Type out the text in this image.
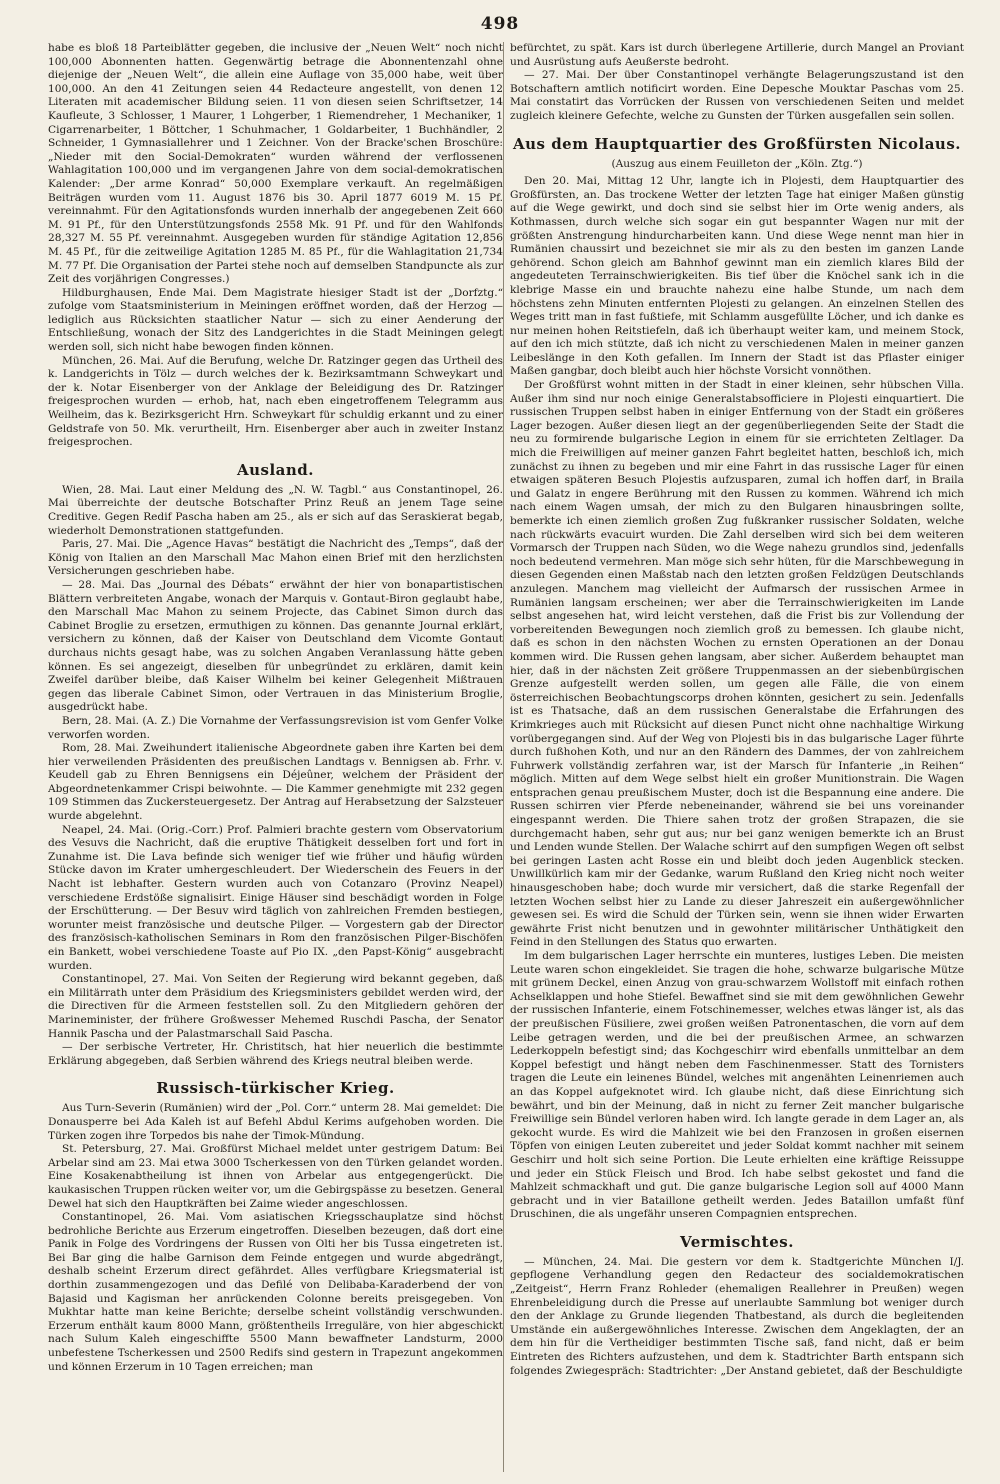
498

habe es bloß 18 Parteiblätter gegeben, die inclusive der „Neuen Welt“ noch nicht 100,000 Abonnenten hatten. Gegenwärtig betrage die Abonnentenzahl ohne diejenige der „Neuen Welt“, die allein eine Auflage von 35,000 habe, weit über 100,000. An den 41 Zeitungen seien 44 Redacteure angestellt, von denen 12 Literaten mit academischer Bildung seien. 11 von diesen seien Schriftsetzer, 14 Kaufleute, 3 Schlosser, 1 Maurer, 1 Lohgerber, 1 Riemendreher, 1 Mechaniker, 1 Cigarrenarbeiter, 1 Böttcher, 1 Schuhmacher, 1 Goldarbeiter, 1 Buchhändler, 2 Schneider, 1 Gymnasiallehrer und 1 Zeichner. Von der Bracke'schen Broschüre: „Nieder mit den Social-Demokraten“ wurden während der verflossenen Wahlagitation 100,000 und im vergangenen Jahre von dem social-demokratischen Kalender: „Der arme Konrad“ 50,000 Exemplare verkauft. An regelmäßigen Beiträgen wurden vom 11. August 1876 bis 30. April 1877 6019 M. 15 Pf. vereinnahmt. Für den Agitationsfonds wurden innerhalb der angegebenen Zeit 660 M. 91 Pf., für den Unterstützungsfonds 2558 Mk. 91 Pf. und für den Wahlfonds 28,327 M. 55 Pf. vereinnahmt. Ausgegeben wurden für ständige Agitation 12,856 M. 45 Pf., für die zeitweilige Agitation 1285 M. 85 Pf., für die Wahlagitation 21,734 M. 77 Pf. Die Organisation der Partei stehe noch auf demselben Standpuncte als zur Zeit des vorjährigen Congresses.)

Hildburghausen, Ende Mai. Dem Magistrate hiesiger Stadt ist der „Dorfztg.“ zufolge vom Staatsministerium in Meiningen eröffnet worden, daß der Herzog — lediglich aus Rücksichten staatlicher Natur — sich zu einer Aenderung der Entschließung, wonach der Sitz des Landgerichtes in die Stadt Meiningen gelegt werden soll, sich nicht habe bewogen finden können.

München, 26. Mai. Auf die Berufung, welche Dr. Ratzinger gegen das Urtheil des k. Landgerichts in Tölz — durch welches der k. Bezirksamtmann Schweykart und der k. Notar Eisenberger von der Anklage der Beleidigung des Dr. Ratzinger freigesprochen wurden — erhob, hat, nach eben eingetroffenem Telegramm aus Weilheim, das k. Bezirksgericht Hrn. Schweykart für schuldig erkannt und zu einer Geldstrafe von 50. Mk. verurtheilt, Hrn. Eisenberger aber auch in zweiter Instanz freigesprochen.

Ausland.

Wien, 28. Mai. Laut einer Meldung des „N. W. Tagbl.“ aus Constantinopel, 26. Mai überreichte der deutsche Botschafter Prinz Reuß an jenem Tage seine Creditive. Gegen Redif Pascha haben am 25., als er sich auf das Seraskierat begab, wiederholt Demonstrationen stattgefunden.

Paris, 27. Mai. Die „Agence Havas“ bestätigt die Nachricht des „Temps“, daß der König von Italien an den Marschall Mac Mahon einen Brief mit den herzlichsten Versicherungen geschrieben habe.

— 28. Mai. Das „Journal des Débats“ erwähnt der hier von bonapartistischen Blättern verbreiteten Angabe, wonach der Marquis v. Gontaut-Biron geglaubt habe, den Marschall Mac Mahon zu seinem Projecte, das Cabinet Simon durch das Cabinet Broglie zu ersetzen, ermuthigen zu können. Das genannte Journal erklärt, versichern zu können, daß der Kaiser von Deutschland dem Vicomte Gontaut durchaus nichts gesagt habe, was zu solchen Angaben Veranlassung hätte geben können. Es sei angezeigt, dieselben für unbegründet zu erklären, damit kein Zweifel darüber bleibe, daß Kaiser Wilhelm bei keiner Gelegenheit Mißtrauen gegen das liberale Cabinet Simon, oder Vertrauen in das Ministerium Broglie, ausgedrückt habe.

Bern, 28. Mai. (A. Z.) Die Vornahme der Verfassungsrevision ist vom Genfer Volke verworfen worden.

Rom, 28. Mai. Zweihundert italienische Abgeordnete gaben ihre Karten bei dem hier verweilenden Präsidenten des preußischen Landtags v. Bennigsen ab. Frhr. v. Keudell gab zu Ehren Bennigsens ein Déjeûner, welchem der Präsident der Abgeordnetenkammer Crispi beiwohnte. — Die Kammer genehmigte mit 232 gegen 109 Stimmen das Zuckersteuergesetz. Der Antrag auf Herabsetzung der Salzsteuer wurde abgelehnt.

Neapel, 24. Mai. (Orig.-Corr.) Prof. Palmieri brachte gestern vom Observatorium des Vesuvs die Nachricht, daß die eruptive Thätigkeit desselben fort und fort in Zunahme ist. Die Lava befinde sich weniger tief wie früher und häufig würden Stücke davon im Krater umhergeschleudert. Der Wiederschein des Feuers in der Nacht ist lebhafter. Gestern wurden auch von Cotanzaro (Provinz Neapel) verschiedene Erdstöße signalisirt. Einige Häuser sind beschädigt worden in Folge der Erschütterung. — Der Besuv wird täglich von zahlreichen Fremden bestiegen, worunter meist französische und deutsche Pilger. — Vorgestern gab der Director des französisch-katholischen Seminars in Rom den französischen Pilger-Bischöfen ein Bankett, wobei verschiedene Toaste auf Pio IX. „den Papst-König“ ausgebracht wurden.

Constantinopel, 27. Mai. Von Seiten der Regierung wird bekannt gegeben, daß ein Militärrath unter dem Präsidium des Kriegsministers gebildet werden wird, der die Directiven für die Armeen feststellen soll. Zu den Mitgliedern gehören der Marineminister, der frühere Großwesser Mehemed Ruschdi Pascha, der Senator Hannik Pascha und der Palastmarschall Said Pascha.

— Der serbische Vertreter, Hr. Christitsch, hat hier neuerlich die bestimmte Erklärung abgegeben, daß Serbien während des Kriegs neutral bleiben werde.

Russisch-türkischer Krieg.

Aus Turn-Severin (Rumänien) wird der „Pol. Corr.“ unterm 28. Mai gemeldet: Die Donausperre bei Ada Kaleh ist auf Befehl Abdul Kerims aufgehoben worden. Die Türken zogen ihre Torpedos bis nahe der Timok-Mündung.

St. Petersburg, 27. Mai. Großfürst Michael meldet unter gestrigem Datum: Bei Arbelar sind am 23. Mai etwa 3000 Tscherkessen von den Türken gelandet worden. Eine Kosakenabtheilung ist ihnen von Arbelar aus entgegengerückt. Die kaukasischen Truppen rücken weiter vor, um die Gebirgspässe zu besetzen. General Dewel hat sich den Hauptkräften bei Zaime wieder angeschlossen.

Constantinopel, 26. Mai. Vom asiatischen Kriegsschauplatze sind höchst bedrohliche Berichte aus Erzerum eingetroffen. Dieselben bezeugen, daß dort eine Panik in Folge des Vordringens der Russen von Olti her bis Tussa eingetreten ist. Bei Bar ging die halbe Garnison dem Feinde entgegen und wurde abgedrängt, deshalb scheint Erzerum direct gefährdet. Alles verfügbare Kriegsmaterial ist dorthin zusammengezogen und das Defilé von Delibaba-Karaderbend der von Bajasid und Kagisman her anrückenden Colonne bereits preisgegeben. Von Mukhtar hatte man keine Berichte; derselbe scheint vollständig verschwunden. Erzerum enthält kaum 8000 Mann, größtentheils Irreguläre, von hier abgeschickt nach Sulum Kaleh eingeschiffte 5500 Mann bewaffneter Landsturm, 2000 unbefestene Tscherkessen und 2500 Redifs sind gestern in Trapezunt angekommen und können Erzerum in 10 Tagen erreichen; man

befürchtet, zu spät. Kars ist durch überlegene Artillerie, durch Mangel an Proviant und Ausrüstung aufs Aeußerste bedroht.

— 27. Mai. Der über Constantinopel verhängte Belagerungszustand ist den Botschaftern amtlich notificirt worden. Eine Depesche Mouktar Paschas vom 25. Mai constatirt das Vorrücken der Russen von verschiedenen Seiten und meldet zugleich kleinere Gefechte, welche zu Gunsten der Türken ausgefallen sein sollen.

Aus dem Hauptquartier des Großfürsten Nicolaus.
(Auszug aus einem Feuilleton der „Köln. Ztg.“)

Den 20. Mai, Mittag 12 Uhr, langte ich in Plojesti, dem Hauptquartier des Großfürsten, an. Das trockene Wetter der letzten Tage hat einiger Maßen günstig auf die Wege gewirkt, und doch sind sie selbst hier im Orte wenig anders, als Kothmassen, durch welche sich sogar ein gut bespannter Wagen nur mit der größten Anstrengung hindurcharbeiten kann. Und diese Wege nennt man hier in Rumänien chaussirt und bezeichnet sie mir als zu den besten im ganzen Lande gehörend. Schon gleich am Bahnhof gewinnt man ein ziemlich klares Bild der angedeuteten Terrainschwierigkeiten. Bis tief über die Knöchel sank ich in die klebrige Masse ein und brauchte nahezu eine halbe Stunde, um nach dem höchstens zehn Minuten entfernten Plojesti zu gelangen. An einzelnen Stellen des Weges tritt man in fast fußtiefe, mit Schlamm ausgefüllte Löcher, und ich danke es nur meinen hohen Reitstiefeln, daß ich überhaupt weiter kam, und meinem Stock, auf den ich mich stützte, daß ich nicht zu verschiedenen Malen in meiner ganzen Leibeslänge in den Koth gefallen. Im Innern der Stadt ist das Pflaster einiger Maßen gangbar, doch bleibt auch hier höchste Vorsicht vonnöthen.

Der Großfürst wohnt mitten in der Stadt in einer kleinen, sehr hübschen Villa. Außer ihm sind nur noch einige Generalstabsofficiere in Plojesti einquartiert. Die russischen Truppen selbst haben in einiger Entfernung von der Stadt ein größeres Lager bezogen. Außer diesen liegt an der gegenüberliegenden Seite der Stadt die neu zu formirende bulgarische Legion in einem für sie errichteten Zeltlager. Da mich die Freiwilligen auf meiner ganzen Fahrt begleitet hatten, beschloß ich, mich zunächst zu ihnen zu begeben und mir eine Fahrt in das russische Lager für einen etwaigen späteren Besuch Plojestis aufzusparen, zumal ich hoffen darf, in Braila und Galatz in engere Berührung mit den Russen zu kommen. Während ich mich nach einem Wagen umsah, der mich zu den Bulgaren hinausbringen sollte, bemerkte ich einen ziemlich großen Zug fußkranker russischer Soldaten, welche nach rückwärts evacuirt wurden. Die Zahl derselben wird sich bei dem weiteren Vormarsch der Truppen nach Süden, wo die Wege nahezu grundlos sind, jedenfalls noch bedeutend vermehren. Man möge sich sehr hüten, für die Marschbewegung in diesen Gegenden einen Maßstab nach den letzten großen Feldzügen Deutschlands anzulegen. Manchem mag vielleicht der Aufmarsch der russischen Armee in Rumänien langsam erscheinen; wer aber die Terrainschwierigkeiten im Lande selbst angesehen hat, wird leicht verstehen, daß die Frist bis zur Vollendung der vorbereitenden Bewegungen noch ziemlich groß zu bemessen. Ich glaube nicht, daß es schon in den nächsten Wochen zu ernsten Operationen an der Donau kommen wird. Die Russen gehen langsam, aber sicher. Außerdem behauptet man hier, daß in der nächsten Zeit größere Truppenmassen an der siebenbürgischen Grenze aufgestellt werden sollen, um gegen alle Fälle, die von einem österreichischen Beobachtungscorps drohen könnten, gesichert zu sein. Jedenfalls ist es Thatsache, daß an dem russischen Generalstabe die Erfahrungen des Krimkrieges auch mit Rücksicht auf diesen Punct nicht ohne nachhaltige Wirkung vorübergegangen sind. Auf der Weg von Plojesti bis in das bulgarische Lager führte durch fußhohen Koth, und nur an den Rändern des Dammes, der von zahlreichem Fuhrwerk vollständig zerfahren war, ist der Marsch für Infanterie „in Reihen“ möglich. Mitten auf dem Wege selbst hielt ein großer Munitionstrain. Die Wagen entsprachen genau preußischem Muster, doch ist die Bespannung eine andere. Die Russen schirren vier Pferde nebeneinander, während sie bei uns voreinander eingespannt werden. Die Thiere sahen trotz der großen Strapazen, die sie durchgemacht haben, sehr gut aus; nur bei ganz wenigen bemerkte ich an Brust und Lenden wunde Stellen. Der Walache schirrt auf den sumpfigen Wegen oft selbst bei geringen Lasten acht Rosse ein und bleibt doch jeden Augenblick stecken. Unwillkürlich kam mir der Gedanke, warum Rußland den Krieg nicht noch weiter hinausgeschoben habe; doch wurde mir versichert, daß die starke Regenfall der letzten Wochen selbst hier zu Lande zu dieser Jahreszeit ein außergewöhnlicher gewesen sei. Es wird die Schuld der Türken sein, wenn sie ihnen wider Erwarten gewährte Frist nicht benutzen und in gewohnter militärischer Unthätigkeit den Feind in den Stellungen des Status quo erwarten.

Im dem bulgarischen Lager herrschte ein munteres, lustiges Leben. Die meisten Leute waren schon eingekleidet. Sie tragen die hohe, schwarze bulgarische Mütze mit grünem Deckel, einen Anzug von grau-schwarzem Wollstoff mit einfach rothen Achselklappen und hohe Stiefel. Bewaffnet sind sie mit dem gewöhnlichen Gewehr der russischen Infanterie, einem Fotschinemesser, welches etwas länger ist, als das der preußischen Füsiliere, zwei großen weißen Patronentaschen, die vorn auf dem Leibe getragen werden, und die bei der preußischen Armee, an schwarzen Lederkoppeln befestigt sind; das Kochgeschirr wird ebenfalls unmittelbar an dem Koppel befestigt und hängt neben dem Faschinenmesser. Statt des Tornisters tragen die Leute ein leinenes Bündel, welches mit angenähten Leinenriemen auch an das Koppel aufgeknotet wird. Ich glaube nicht, daß diese Einrichtung sich bewährt, und bin der Meinung, daß in nicht zu ferner Zeit mancher bulgarische Freiwillige sein Bündel verloren haben wird. Ich langte gerade in dem Lager an, als gekocht wurde. Es wird die Mahlzeit wie bei den Franzosen in großen eisernen Töpfen von einigen Leuten zubereitet und jeder Soldat kommt nachher mit seinem Geschirr und holt sich seine Portion. Die Leute erhielten eine kräftige Reissuppe und jeder ein Stück Fleisch und Brod. Ich habe selbst gekostet und fand die Mahlzeit schmackhaft und gut. Die ganze bulgarische Legion soll auf 4000 Mann gebracht und in vier Bataillone getheilt werden. Jedes Bataillon umfaßt fünf Druschinen, die als ungefähr unseren Compagnien entsprechen.

Vermischtes.

— München, 24. Mai. Die gestern vor dem k. Stadtgerichte München I/J. gepflogene Verhandlung gegen den Redacteur des socialdemokratischen „Zeitgeist“, Herrn Franz Rohleder (ehemaligen Reallehrer in Preußen) wegen Ehrenbeleidigung durch die Presse auf unerlaubte Sammlung bot weniger durch den der Anklage zu Grunde liegenden Thatbestand, als durch die begleitenden Umstände ein außergewöhnliches Interesse. Zwischen dem Angeklagten, der an dem hin für die Vertheidiger bestimmten Tische saß, fand nicht, daß er beim Eintreten des Richters aufzustehen, und dem k. Stadtrichter Barth entspann sich folgendes Zwiegespräch: Stadtrichter: „Der Anstand gebietet, daß der Beschuldigte
